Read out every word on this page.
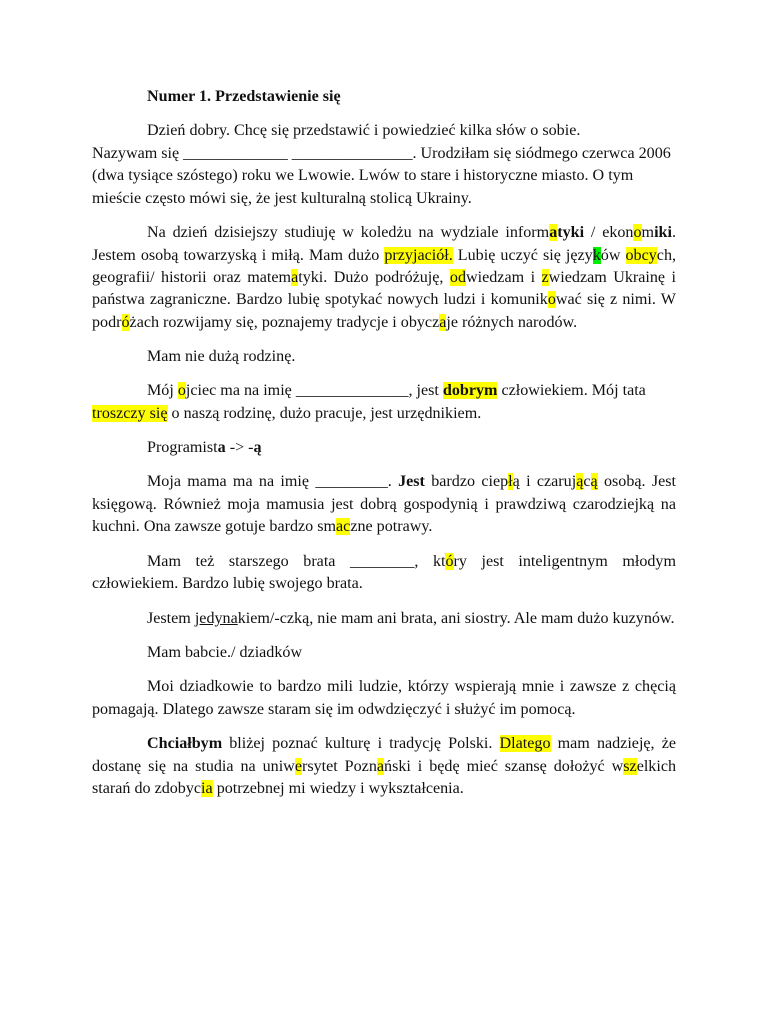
Numer 1. Przedstawienie się
Dzień dobry. Chcę się przedstawić i powiedzieć kilka słów o sobie.
Nazywam się _____________ _______________. Urodziłam się siódmego czerwca 2006 (dwa tysiące szóstego) roku we Lwowie. Lwów to stare i historyczne miasto. O tym mieście często mówi się, że jest kulturalną stolicą Ukrainy.
Na dzień dzisiejszy studiuję w koledżu na wydziale informatyki / ekonomiki. Jestem osobą towarzyską i miłą. Mam dużo przyjaciół. Lubię uczyć się języków obcych, geografii/ historii oraz matematyki. Dużo podróżuję, odwiedzam i zwiedzam Ukrainę i państwa zagraniczne. Bardzo lubię spotykać nowych ludzi i komunikować się z nimi. W podróżach rozwijamy się, poznajemy tradycje i obyczaje różnych narodów.
Mam nie dużą rodzinę.
Mój ojciec ma na imię ______________, jest dobrym człowiekiem. Mój tata troszczy się o naszą rodzinę, dużo pracuje, jest urzędnikiem.
Programista -> -ą
Moja mama ma na imię _________. Jest bardzo ciepłą i czarującą osobą. Jest księgową. Również moja mamusia jest dobrą gospodynią i prawdziwą czarodziejką na kuchni. Ona zawsze gotuje bardzo smaczne potrawy.
Mam też starszego brata ________, który jest inteligentnym młodym człowiekiem. Bardzo lubię swojego brata.
Jestem jedynakiem/-czką, nie mam ani brata, ani siostry. Ale mam dużo kuzynów.
Mam babcie./ dziadków
Moi dziadkowie to bardzo mili ludzie, którzy wspierają mnie i zawsze z chęcią pomagają. Dlatego zawsze staram się im odwdzięczyć i służyć im pomocą.
Chciałbym bliżej poznać kulturę i tradycję Polski. Dlatego mam nadzieję, że dostanę się na studia na uniwersytet Poznański i będę mieć szansę dołożyć wszelkich starań do zdobycia potrzebnej mi wiedzy i wykształcenia.
